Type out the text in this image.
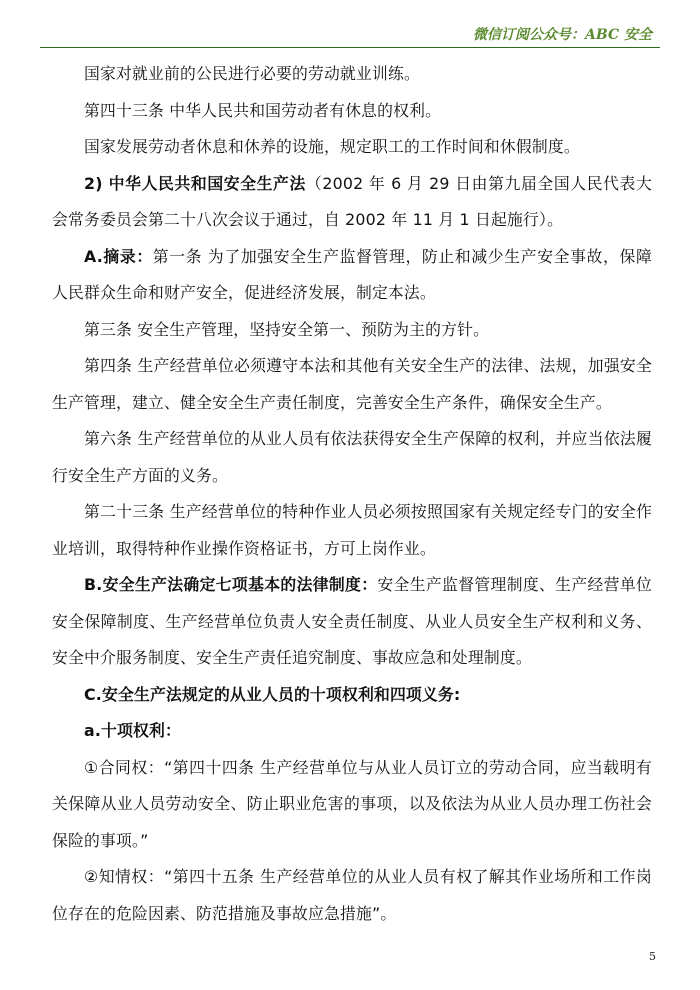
微信订阅公众号：ABC 安全

国家对就业前的公民进行必要的劳动就业训练。

第四十三条 中华人民共和国劳动者有休息的权利。

国家发展劳动者休息和休养的设施，规定职工的工作时间和休假制度。

2) 中华人民共和国安全生产法（2002 年 6 月 29 日由第九届全国人民代表大会常务委员会第二十八次会议于通过，自 2002 年 11 月 1 日起施行）。

A.摘录：第一条 为了加强安全生产监督管理，防止和减少生产安全事故，保障人民群众生命和财产安全，促进经济发展，制定本法。

第三条 安全生产管理，坚持安全第一、预防为主的方针。

第四条 生产经营单位必须遵守本法和其他有关安全生产的法律、法规，加强安全生产管理，建立、健全安全生产责任制度，完善安全生产条件，确保安全生产。

第六条 生产经营单位的从业人员有依法获得安全生产保障的权利，并应当依法履行安全生产方面的义务。

第二十三条 生产经营单位的特种作业人员必须按照国家有关规定经专门的安全作业培训，取得特种作业操作资格证书，方可上岗作业。

B.安全生产法确定七项基本的法律制度：安全生产监督管理制度、生产经营单位安全保障制度、生产经营单位负责人安全责任制度、从业人员安全生产权利和义务、安全中介服务制度、安全生产责任追究制度、事故应急和处理制度。

C.安全生产法规定的从业人员的十项权利和四项义务:

a.十项权利：

①合同权：“第四十四条 生产经营单位与从业人员订立的劳动合同，应当载明有关保障从业人员劳动安全、防止职业危害的事项，以及依法为从业人员办理工伤社会保险的事项。”

②知情权：“第四十五条 生产经营单位的从业人员有权了解其作业场所和工作岗位存在的危险因素、防范措施及事故应急措施”。

5
